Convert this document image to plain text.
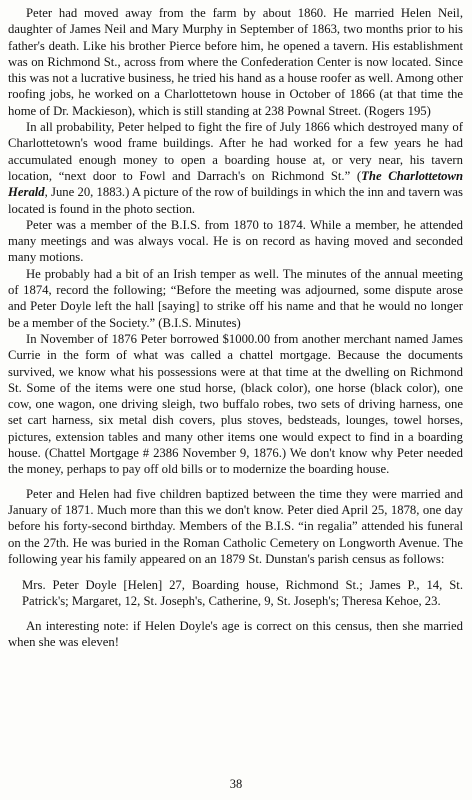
Peter had moved away from the farm by about 1860. He married Helen Neil, daughter of James Neil and Mary Murphy in September of 1863, two months prior to his father's death. Like his brother Pierce before him, he opened a tavern. His establishment was on Richmond St., across from where the Confederation Center is now located. Since this was not a lucrative business, he tried his hand as a house roofer as well. Among other roofing jobs, he worked on a Charlottetown house in October of 1866 (at that time the home of Dr. Mackieson), which is still standing at 238 Pownal Street. (Rogers 195)

In all probability, Peter helped to fight the fire of July 1866 which destroyed many of Charlottetown's wood frame buildings. After he had worked for a few years he had accumulated enough money to open a boarding house at, or very near, his tavern location, “next door to Fowl and Darrach's on Richmond St.” (The Charlottetown Herald, June 20, 1883.) A picture of the row of buildings in which the inn and tavern was located is found in the photo section.

Peter was a member of the B.I.S. from 1870 to 1874. While a member, he attended many meetings and was always vocal. He is on record as having moved and seconded many motions.

He probably had a bit of an Irish temper as well. The minutes of the annual meeting of 1874, record the following; “Before the meeting was adjourned, some dispute arose and Peter Doyle left the hall [saying] to strike off his name and that he would no longer be a member of the Society.” (B.I.S. Minutes)

In November of 1876 Peter borrowed $1000.00 from another merchant named James Currie in the form of what was called a chattel mortgage. Because the documents survived, we know what his possessions were at that time at the dwelling on Richmond St. Some of the items were one stud horse, (black color), one horse (black color), one cow, one wagon, one driving sleigh, two buffalo robes, two sets of driving harness, one set cart harness, six metal dish covers, plus stoves, bedsteads, lounges, towel horses, pictures, extension tables and many other items one would expect to find in a boarding house. (Chattel Mortgage # 2386 November 9, 1876.) We don't know why Peter needed the money, perhaps to pay off old bills or to modernize the boarding house.

Peter and Helen had five children baptized between the time they were married and January of 1871. Much more than this we don't know. Peter died April 25, 1878, one day before his forty-second birthday. Members of the B.I.S. “in regalia” attended his funeral on the 27th. He was buried in the Roman Catholic Cemetery on Longworth Avenue. The following year his family appeared on an 1879 St. Dunstan's parish census as follows:

Mrs. Peter Doyle [Helen] 27, Boarding house, Richmond St.; James P., 14, St. Patrick's; Margaret, 12, St. Joseph's, Catherine, 9, St. Joseph's; Theresa Kehoe, 23.

An interesting note: if Helen Doyle's age is correct on this census, then she married when she was eleven!

38
